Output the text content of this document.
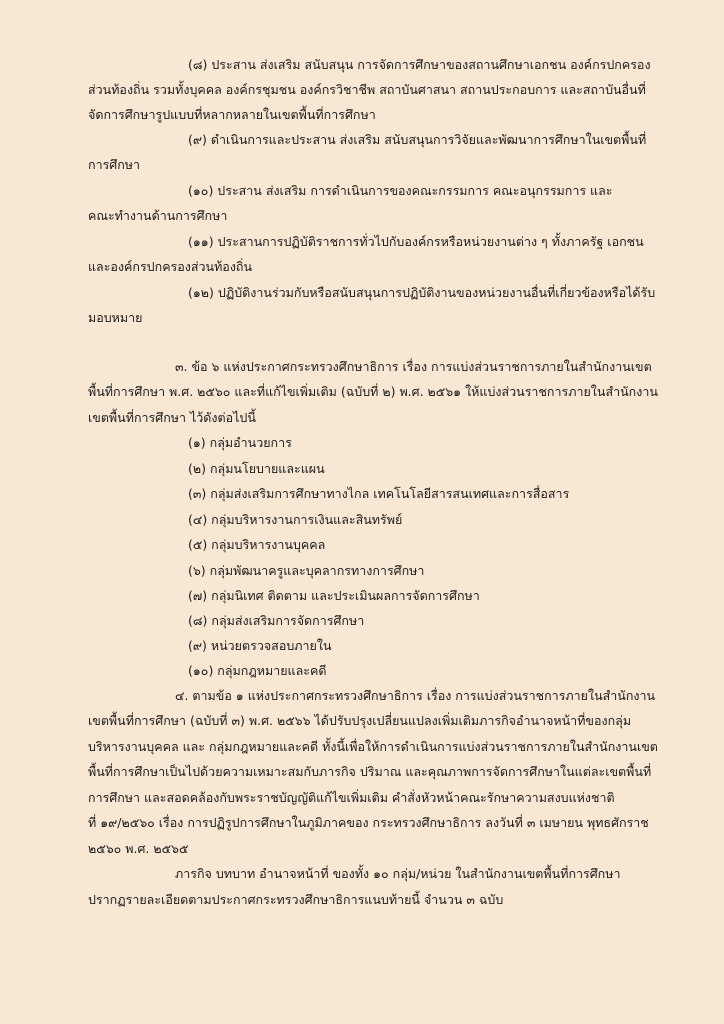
(๘) ประสาน ส่งเสริม สนับสนุน การจัดการศึกษาของสถานศึกษาเอกชน องค์กรปกครอง
ส่วนท้องถิ่น รวมทั้งบุคคล องค์กรชุมชน องค์กรวิชาชีพ สถาบันศาสนา สถานประกอบการ และสถาบันอื่นที่
จัดการศึกษารูปแบบที่หลากหลายในเขตพื้นที่การศึกษา
(๙) ดำเนินการและประสาน ส่งเสริม สนับสนุนการวิจัยและพัฒนาการศึกษาในเขตพื้นที่
การศึกษา
(๑๐) ประสาน ส่งเสริม การดำเนินการของคณะกรรมการ คณะอนุกรรมการ และ
คณะทำงานด้านการศึกษา
(๑๑) ประสานการปฏิบัติราชการทั่วไปกับองค์กรหรือหน่วยงานต่าง ๆ ทั้งภาครัฐ เอกชน
และองค์กรปกครองส่วนท้องถิ่น
(๑๒) ปฏิบัติงานร่วมกับหรือสนับสนุนการปฏิบัติงานของหน่วยงานอื่นที่เกี่ยวข้องหรือได้รับ
มอบหมาย
๓. ข้อ ๖ แห่งประกาศกระทรวงศึกษาธิการ เรื่อง การแบ่งส่วนราชการภายในสำนักงานเขต
พื้นที่การศึกษา พ.ศ. ๒๕๖๐ และที่แก้ไขเพิ่มเติม (ฉบับที่ ๒) พ.ศ. ๒๕๖๑ ให้แบ่งส่วนราชการภายในสำนักงาน
เขตพื้นที่การศึกษา ไว้ดังต่อไปนี้
(๑) กลุ่มอำนวยการ
(๒) กลุ่มนโยบายและแผน
(๓) กลุ่มส่งเสริมการศึกษาทางไกล เทคโนโลยีสารสนเทศและการสื่อสาร
(๔) กลุ่มบริหารงานการเงินและสินทรัพย์
(๕) กลุ่มบริหารงานบุคคล
(๖) กลุ่มพัฒนาครูและบุคลากรทางการศึกษา
(๗) กลุ่มนิเทศ ติดตาม และประเมินผลการจัดการศึกษา
(๘) กลุ่มส่งเสริมการจัดการศึกษา
(๙) หน่วยตรวจสอบภายใน
(๑๐) กลุ่มกฎหมายและคดี
๔. ตามข้อ ๑ แห่งประกาศกระทรวงศึกษาธิการ เรื่อง การแบ่งส่วนราชการภายในสำนักงาน
เขตพื้นที่การศึกษา (ฉบับที่ ๓) พ.ศ. ๒๕๖๖ ได้ปรับปรุงเปลี่ยนแปลงเพิ่มเติมภารกิจอำนาจหน้าที่ของกลุ่ม
บริหารงานบุคคล และ กลุ่มกฎหมายและคดี ทั้งนี้เพื่อให้การดำเนินการแบ่งส่วนราชการภายในสำนักงานเขต
พื้นที่การศึกษาเป็นไปด้วยความเหมาะสมกับภารกิจ ปริมาณ และคุณภาพการจัดการศึกษาในแต่ละเขตพื้นที่
การศึกษา และสอดคล้องกับพระราชบัญญัติแก้ไขเพิ่มเติม คำสั่งหัวหน้าคณะรักษาความสงบแห่งชาติ
ที่ ๑๙/๒๕๖๐ เรื่อง การปฏิรูปการศึกษาในภูมิภาคของ กระทรวงศึกษาธิการ ลงวันที่ ๓ เมษายน พุทธศักราช
๒๕๖๐ พ.ศ. ๒๕๖๕
ภารกิจ บทบาท อำนาจหน้าที่ ของทั้ง ๑๐ กลุ่ม/หน่วย ในสำนักงานเขตพื้นที่การศึกษา
ปรากฏรายละเอียดตามประกาศกระทรวงศึกษาธิการแนบท้ายนี้ จำนวน ๓ ฉบับ
